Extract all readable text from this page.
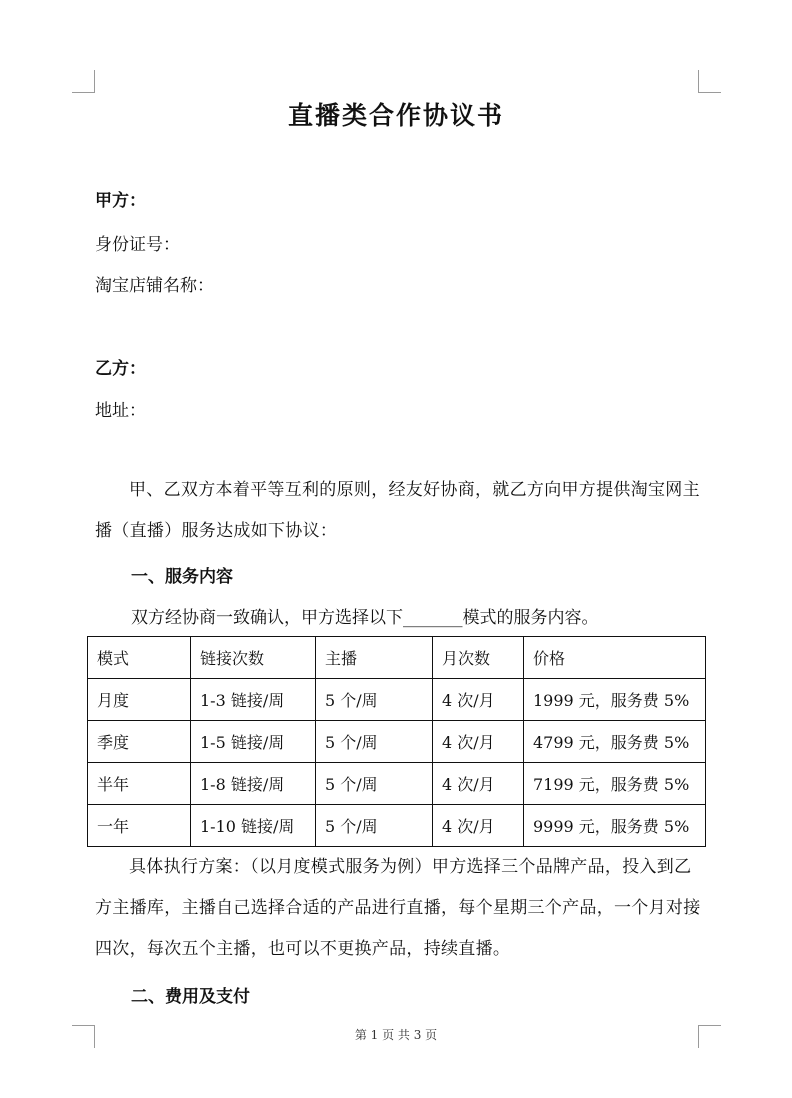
直播类合作协议书
甲方：
身份证号：
淘宝店铺名称：
乙方：
地址：
甲、乙双方本着平等互利的原则，经友好协商，就乙方向甲方提供淘宝网主播（直播）服务达成如下协议：
一、服务内容
双方经协商一致确认，甲方选择以下_______模式的服务内容。
模式	链接次数	主播	月次数	价格
月度	1-3 链接/周	5 个/周	4 次/月	1999 元，服务费 5%
季度	1-5 链接/周	5 个/周	4 次/月	4799 元，服务费 5%
半年	1-8 链接/周	5 个/周	4 次/月	7199 元，服务费 5%
一年	1-10 链接/周	5 个/周	4 次/月	9999 元，服务费 5%
具体执行方案：（以月度模式服务为例）甲方选择三个品牌产品，投入到乙方主播库，主播自己选择合适的产品进行直播，每个星期三个产品，一个月对接四次，每次五个主播，也可以不更换产品，持续直播。
二、费用及支付
第 1 页 共 3 页
